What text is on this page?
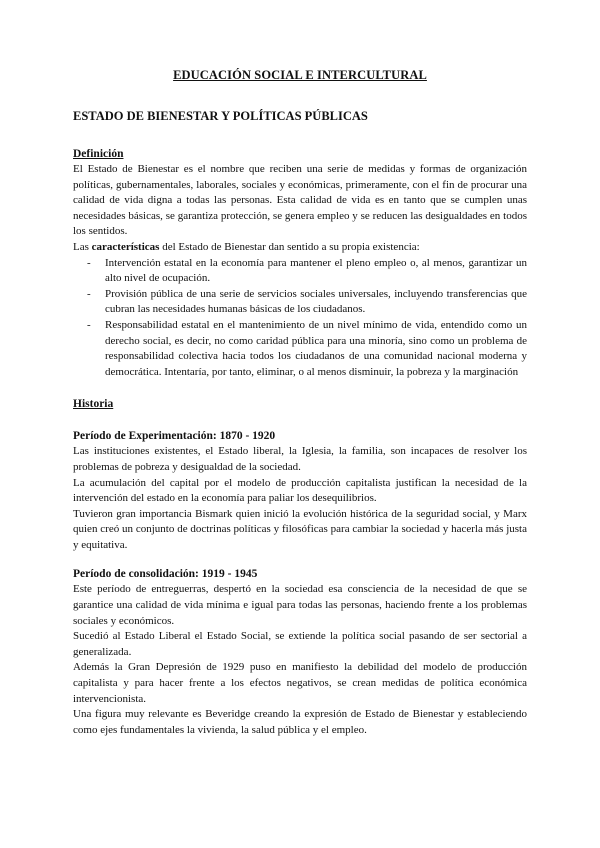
EDUCACIÓN SOCIAL E INTERCULTURAL
ESTADO DE BIENESTAR Y POLÍTICAS PÚBLICAS
Definición

El Estado de Bienestar es el nombre que reciben una serie de medidas y formas de organización políticas, gubernamentales, laborales, sociales y económicas, primeramente, con el fin de procurar una calidad de vida digna a todas las personas. Esta calidad de vida es en tanto que se cumplen unas necesidades básicas, se garantiza protección, se genera empleo y se reducen las desigualdades en todos los sentidos.

Las características del Estado de Bienestar dan sentido a su propia existencia:

- Intervención estatal en la economía para mantener el pleno empleo o, al menos, garantizar un alto nivel de ocupación.
- Provisión pública de una serie de servicios sociales universales, incluyendo transferencias que cubran las necesidades humanas básicas de los ciudadanos.
- Responsabilidad estatal en el mantenimiento de un nivel mínimo de vida, entendido como un derecho social, es decir, no como caridad pública para una minoría, sino como un problema de responsabilidad colectiva hacia todos los ciudadanos de una comunidad nacional moderna y democrática. Intentaría, por tanto, eliminar, o al menos disminuir, la pobreza y la marginación
Historia
Período de Experimentación: 1870 - 1920

Las instituciones existentes, el Estado liberal, la Iglesia, la familia, son incapaces de resolver los problemas de pobreza y desigualdad de la sociedad.

La acumulación del capital por el modelo de producción capitalista justifican la necesidad de la intervención del estado en la economía para paliar los desequilibrios.

Tuvieron gran importancia Bismark quien inició la evolución histórica de la seguridad social, y Marx quien creó un conjunto de doctrinas políticas y filosóficas para cambiar la sociedad y hacerla más justa y equitativa.

Período de consolidación: 1919 - 1945

Este período de entreguerras, despertó en la sociedad esa consciencia de la necesidad de que se garantice una calidad de vida mínima e igual para todas las personas, haciendo frente a los problemas sociales y económicos.

Sucedió al Estado Liberal el Estado Social, se extiende la política social pasando de ser sectorial a generalizada.

Además la Gran Depresión de 1929 puso en manifiesto la debilidad del modelo de producción capitalista y para hacer frente a los efectos negativos, se crean medidas de política económica intervencionista.

Una figura muy relevante es Beveridge creando la expresión de Estado de Bienestar y estableciendo como ejes fundamentales la vivienda, la salud pública y el empleo.
